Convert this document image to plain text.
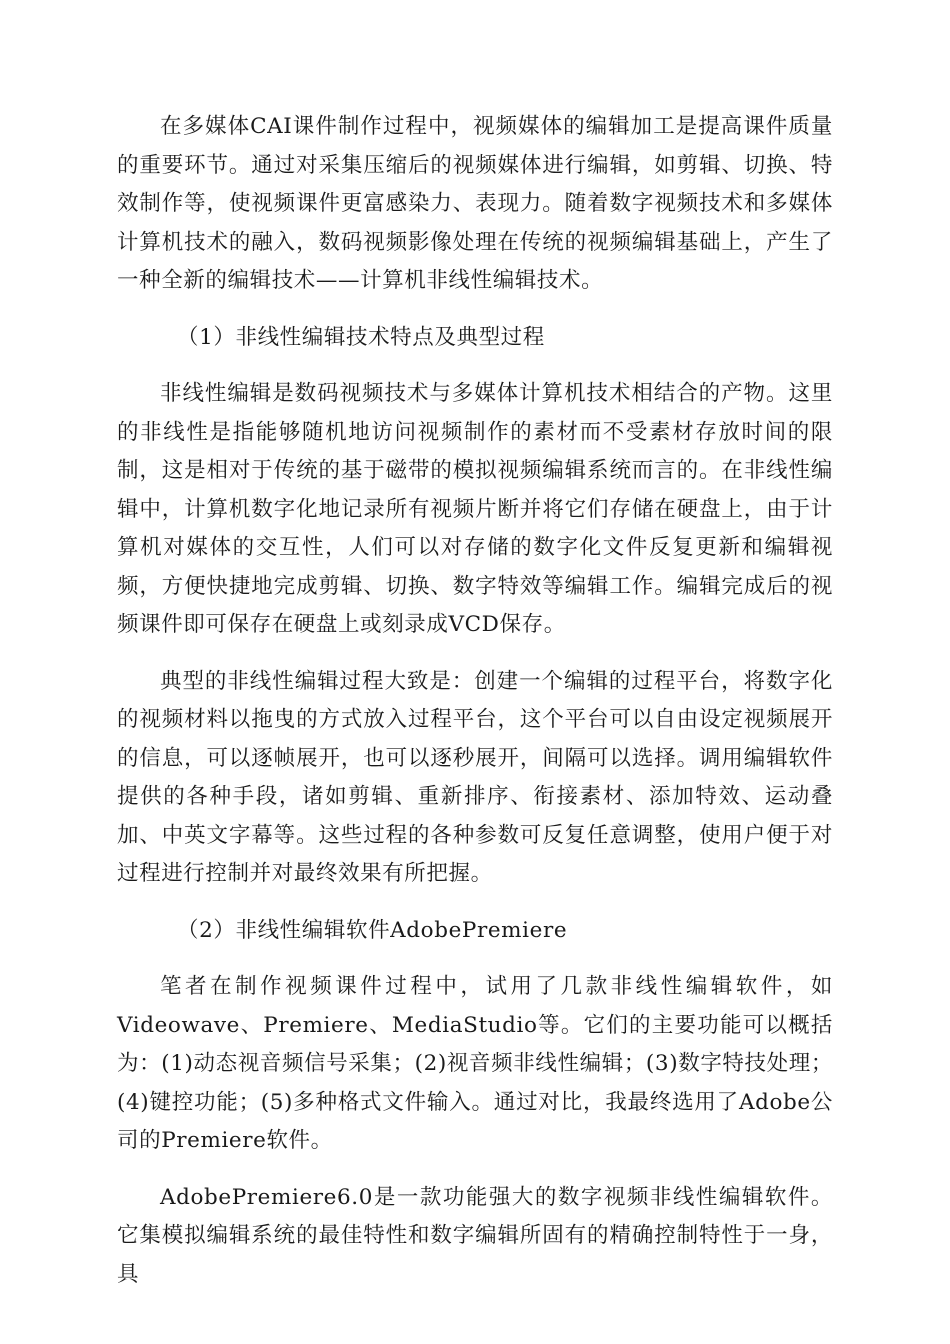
在多媒体CAI课件制作过程中，视频媒体的编辑加工是提高课件质量的重要环节。通过对采集压缩后的视频媒体进行编辑，如剪辑、切换、特效制作等，使视频课件更富感染力、表现力。随着数字视频技术和多媒体计算机技术的融入，数码视频影像处理在传统的视频编辑基础上，产生了一种全新的编辑技术——计算机非线性编辑技术。

（1）非线性编辑技术特点及典型过程

非线性编辑是数码视频技术与多媒体计算机技术相结合的产物。这里的非线性是指能够随机地访问视频制作的素材而不受素材存放时间的限制，这是相对于传统的基于磁带的模拟视频编辑系统而言的。在非线性编辑中，计算机数字化地记录所有视频片断并将它们存储在硬盘上，由于计算机对媒体的交互性，人们可以对存储的数字化文件反复更新和编辑视频，方便快捷地完成剪辑、切换、数字特效等编辑工作。编辑完成后的视频课件即可保存在硬盘上或刻录成VCD保存。

典型的非线性编辑过程大致是：创建一个编辑的过程平台，将数字化的视频材料以拖曳的方式放入过程平台，这个平台可以自由设定视频展开的信息，可以逐帧展开，也可以逐秒展开，间隔可以选择。调用编辑软件提供的各种手段，诸如剪辑、重新排序、衔接素材、添加特效、运动叠加、中英文字幕等。这些过程的各种参数可反复任意调整，使用户便于对过程进行控制并对最终效果有所把握。

（2）非线性编辑软件AdobePremiere

笔者在制作视频课件过程中，试用了几款非线性编辑软件，如Videowave、Premiere、MediaStudio等。它们的主要功能可以概括为：(1)动态视音频信号采集；(2)视音频非线性编辑；(3)数字特技处理；(4)键控功能；(5)多种格式文件输入。通过对比，我最终选用了Adobe公司的Premiere软件。

AdobePremiere6.0是一款功能强大的数字视频非线性编辑软件。它集模拟编辑系统的最佳特性和数字编辑所固有的精确控制特性于一身，具
